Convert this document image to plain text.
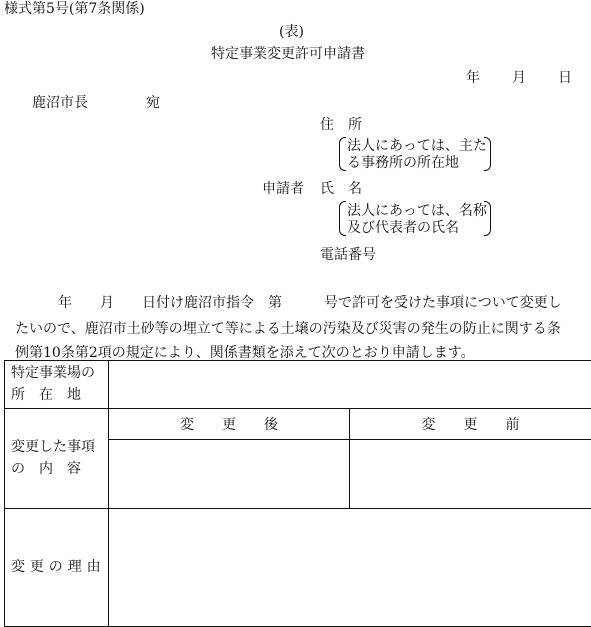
様式第5号(第7条関係)
(表)
特定事業変更許可申請書
年 月 日
鹿沼市長	宛
住　所
法人にあっては、主た
る事務所の所在地
申請者 氏　名
法人にあっては、名称
及び代表者の氏名
電話番号
年　　月　　日付け鹿沼市指令　第　　　号で許可を受けた事項について変更し
たいので、鹿沼市土砂等の埋立て等による土壌の汚染及び災害の発生の防止に関する条
例第10条第2項の規定により、関係書類を添えて次のとおり申請します。
特定事業場の
所　在　地		

変更した事項
の　内　容	変　　更　　後	変　　更　　前

変更の理由		
